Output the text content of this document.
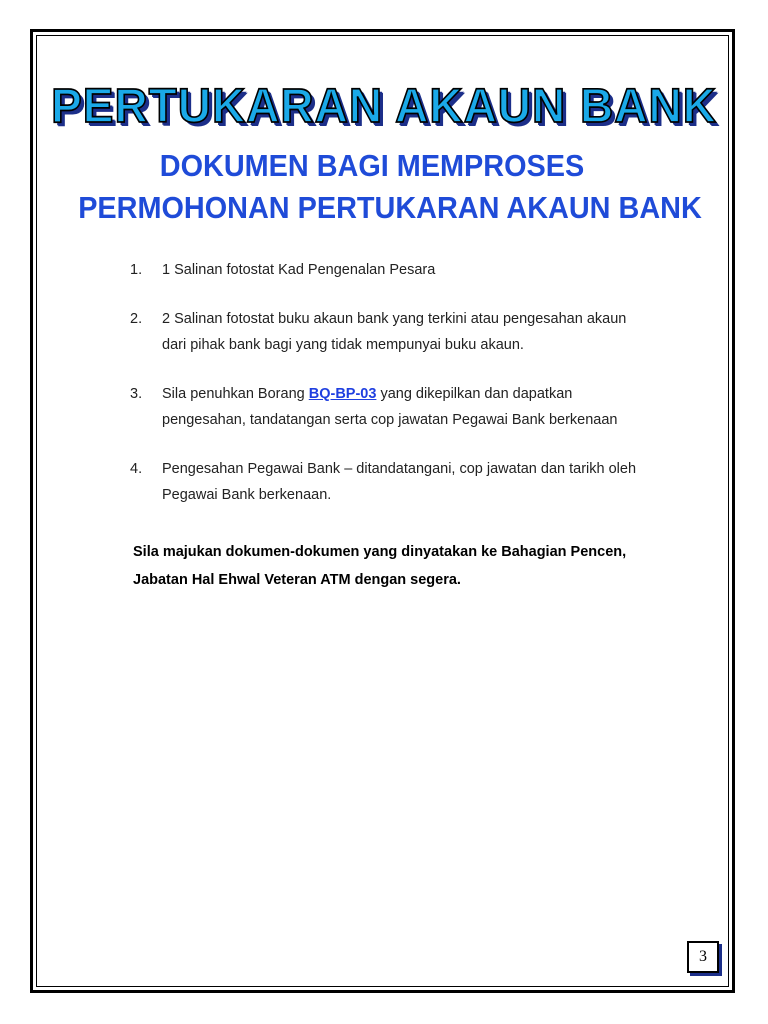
PERTUKARAN AKAUN BANK
DOKUMEN BAGI MEMPROSES
PERMOHONAN PERTUKARAN AKAUN BANK
1. 1 Salinan fotostat Kad Pengenalan Pesara
2. 2 Salinan fotostat buku akaun bank yang terkini atau pengesahan akaun
dari pihak bank bagi yang tidak mempunyai buku akaun.
3. Sila penuhkan Borang BQ-BP-03 yang dikepilkan dan dapatkan
pengesahan, tandatangan serta cop jawatan Pegawai Bank berkenaan
4. Pengesahan Pegawai Bank – ditandatangani, cop jawatan dan tarikh oleh
Pegawai Bank berkenaan.
Sila majukan dokumen-dokumen yang dinyatakan ke Bahagian Pencen,
Jabatan Hal Ehwal Veteran ATM dengan segera.
3
